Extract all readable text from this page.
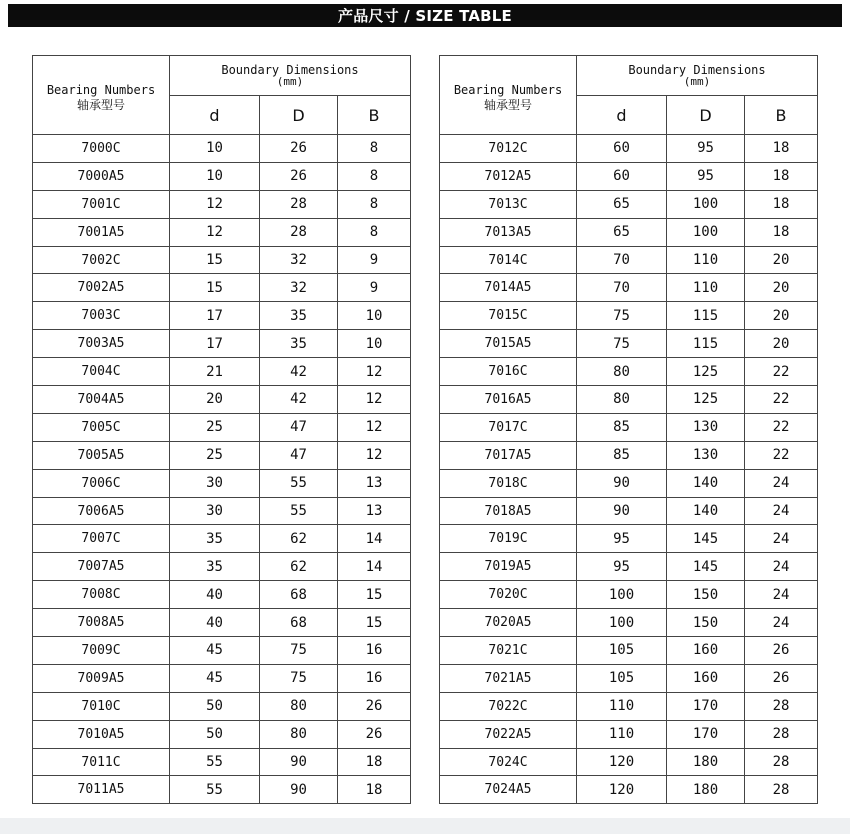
产品尺寸 / SIZE TABLE
Bearing Numbers
轴承型号	Boundary Dimensions
(mm)		

	d	D	B
7000C	10	26	8
7000A5	10	26	8
7001C	12	28	8
7001A5	12	28	8
7002C	15	32	9
7002A5	15	32	9
7003C	17	35	10
7003A5	17	35	10
7004C	21	42	12
7004A5	20	42	12
7005C	25	47	12
7005A5	25	47	12
7006C	30	55	13
7006A5	30	55	13
7007C	35	62	14
7007A5	35	62	14
7008C	40	68	15
7008A5	40	68	15
7009C	45	75	16
7009A5	45	75	16
7010C	50	80	26
7010A5	50	80	26
7011C	55	90	18
7011A5	55	90	18
Bearing Numbers
轴承型号	Boundary Dimensions
(mm)		

	d	D	B
7012C	60	95	18
7012A5	60	95	18
7013C	65	100	18
7013A5	65	100	18
7014C	70	110	20
7014A5	70	110	20
7015C	75	115	20
7015A5	75	115	20
7016C	80	125	22
7016A5	80	125	22
7017C	85	130	22
7017A5	85	130	22
7018C	90	140	24
7018A5	90	140	24
7019C	95	145	24
7019A5	95	145	24
7020C	100	150	24
7020A5	100	150	24
7021C	105	160	26
7021A5	105	160	26
7022C	110	170	28
7022A5	110	170	28
7024C	120	180	28
7024A5	120	180	28
